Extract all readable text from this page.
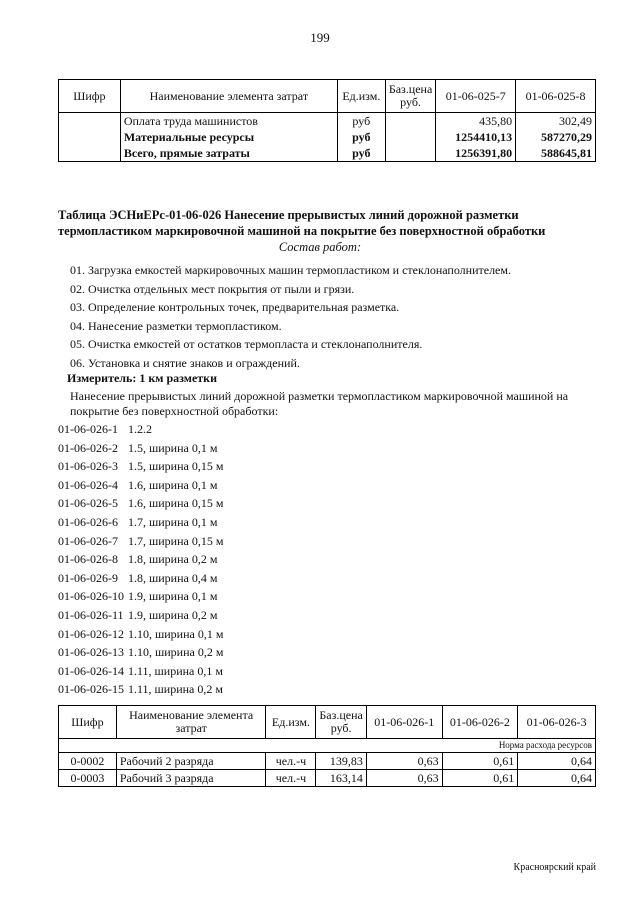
199
Шифр	Наименование элемента затрат	Ед.изм.	Баз.цена руб.	01-06-025-7	01-06-025-8
	Оплата труда машинистов	руб		435,80	302,49
	Материальные ресурсы	руб		1254410,13	587270,29
	Всего, прямые затраты	руб		1256391,80	588645,81
Таблица ЭСНиЕРс-01-06-026 Нанесение прерывистых линий дорожной разметки термопластиком маркировочной машиной на покрытие без поверхностной обработки
Состав работ:
01. Загрузка емкостей маркировочных машин термопластиком и стеклонаполнителем.
02. Очистка отдельных мест покрытия от пыли и грязи.
03. Определение контрольных точек, предварительная разметка.
04. Нанесение разметки термопластиком.
05. Очистка емкостей от остатков термопласта и стеклонаполнителя.
06. Установка и снятие знаков и ограждений.
Измеритель: 1 км разметки
Нанесение прерывистых линий дорожной разметки термопластиком маркировочной машиной на покрытие без поверхностной обработки:
01-06-026-1 1.2.2
01-06-026-2 1.5, ширина 0,1 м
01-06-026-3 1.5, ширина 0,15 м
01-06-026-4 1.6, ширина 0,1 м
01-06-026-5 1.6, ширина 0,15 м
01-06-026-6 1.7, ширина 0,1 м
01-06-026-7 1.7, ширина 0,15 м
01-06-026-8 1.8, ширина 0,2 м
01-06-026-9 1.8, ширина 0,4 м
01-06-026-10 1.9, ширина 0,1 м
01-06-026-11 1.9, ширина 0,2 м
01-06-026-12 1.10, ширина 0,1 м
01-06-026-13 1.10, ширина 0,2 м
01-06-026-14 1.11, ширина 0,1 м
01-06-026-15 1.11, ширина 0,2 м
Шифр	Наименование элемента затрат	Ед.изм.	Баз.цена руб.	01-06-026-1	01-06-026-2	01-06-026-3
Норма расхода ресурсов						
0-0002	Рабочий 2 разряда	чел.-ч	139,83	0,63	0,61	0,64
0-0003	Рабочий 3 разряда	чел.-ч	163,14	0,63	0,61	0,64
Красноярский край
